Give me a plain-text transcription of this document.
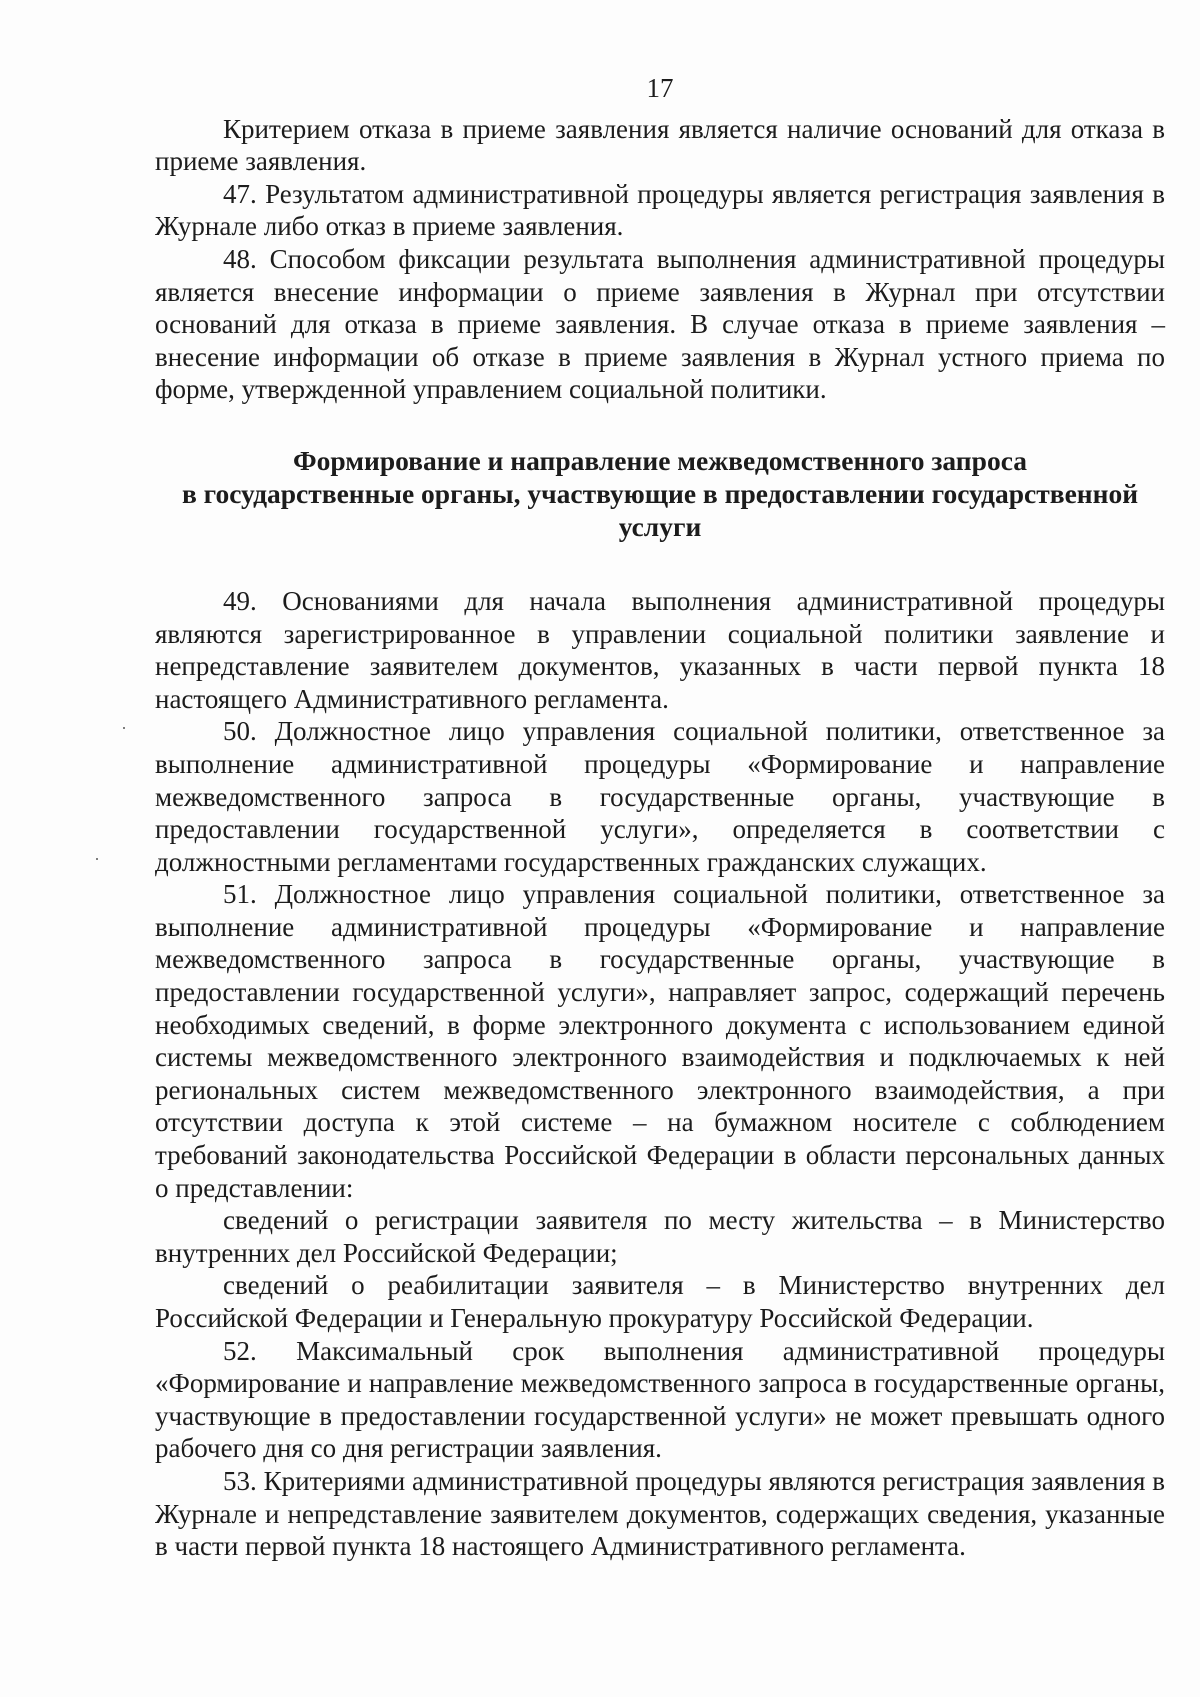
17

Критерием отказа в приеме заявления является наличие оснований для отказа в приеме заявления.

47. Результатом административной процедуры является регистрация заявления в Журнале либо отказ в приеме заявления.

48. Способом фиксации результата выполнения административной процедуры является внесение информации о приеме заявления в Журнал при отсутствии оснований для отказа в приеме заявления. В случае отказа в приеме заявления – внесение информации об отказе в приеме заявления в Журнал устного приема по форме, утвержденной управлением социальной политики.

Формирование и направление межведомственного запроса
в государственные органы, участвующие в предоставлении государственной
услуги

49. Основаниями для начала выполнения административной процедуры являются зарегистрированное в управлении социальной политики заявление и непредставление заявителем документов, указанных в части первой пункта 18 настоящего Административного регламента.

50. Должностное лицо управления социальной политики, ответственное за выполнение административной процедуры «Формирование и направление межведомственного запроса в государственные органы, участвующие в предоставлении государственной услуги», определяется в соответствии с должностными регламентами государственных гражданских служащих.

51. Должностное лицо управления социальной политики, ответственное за выполнение административной процедуры «Формирование и направление межведомственного запроса в государственные органы, участвующие в предоставлении государственной услуги», направляет запрос, содержащий перечень необходимых сведений, в форме электронного документа с использованием единой системы межведомственного электронного взаимодействия и подключаемых к ней региональных систем межведомственного электронного взаимодействия, а при отсутствии доступа к этой системе – на бумажном носителе с соблюдением требований законодательства Российской Федерации в области персональных данных о представлении:

сведений о регистрации заявителя по месту жительства – в Министерство внутренних дел Российской Федерации;

сведений о реабилитации заявителя – в Министерство внутренних дел Российской Федерации и Генеральную прокуратуру Российской Федерации.

52. Максимальный срок выполнения административной процедуры «Формирование и направление межведомственного запроса в государственные органы, участвующие в предоставлении государственной услуги» не может превышать одного рабочего дня со дня регистрации заявления.

53. Критериями административной процедуры являются регистрация заявления в Журнале и непредставление заявителем документов, содержащих сведения, указанные в части первой пункта 18 настоящего Административного регламента.
